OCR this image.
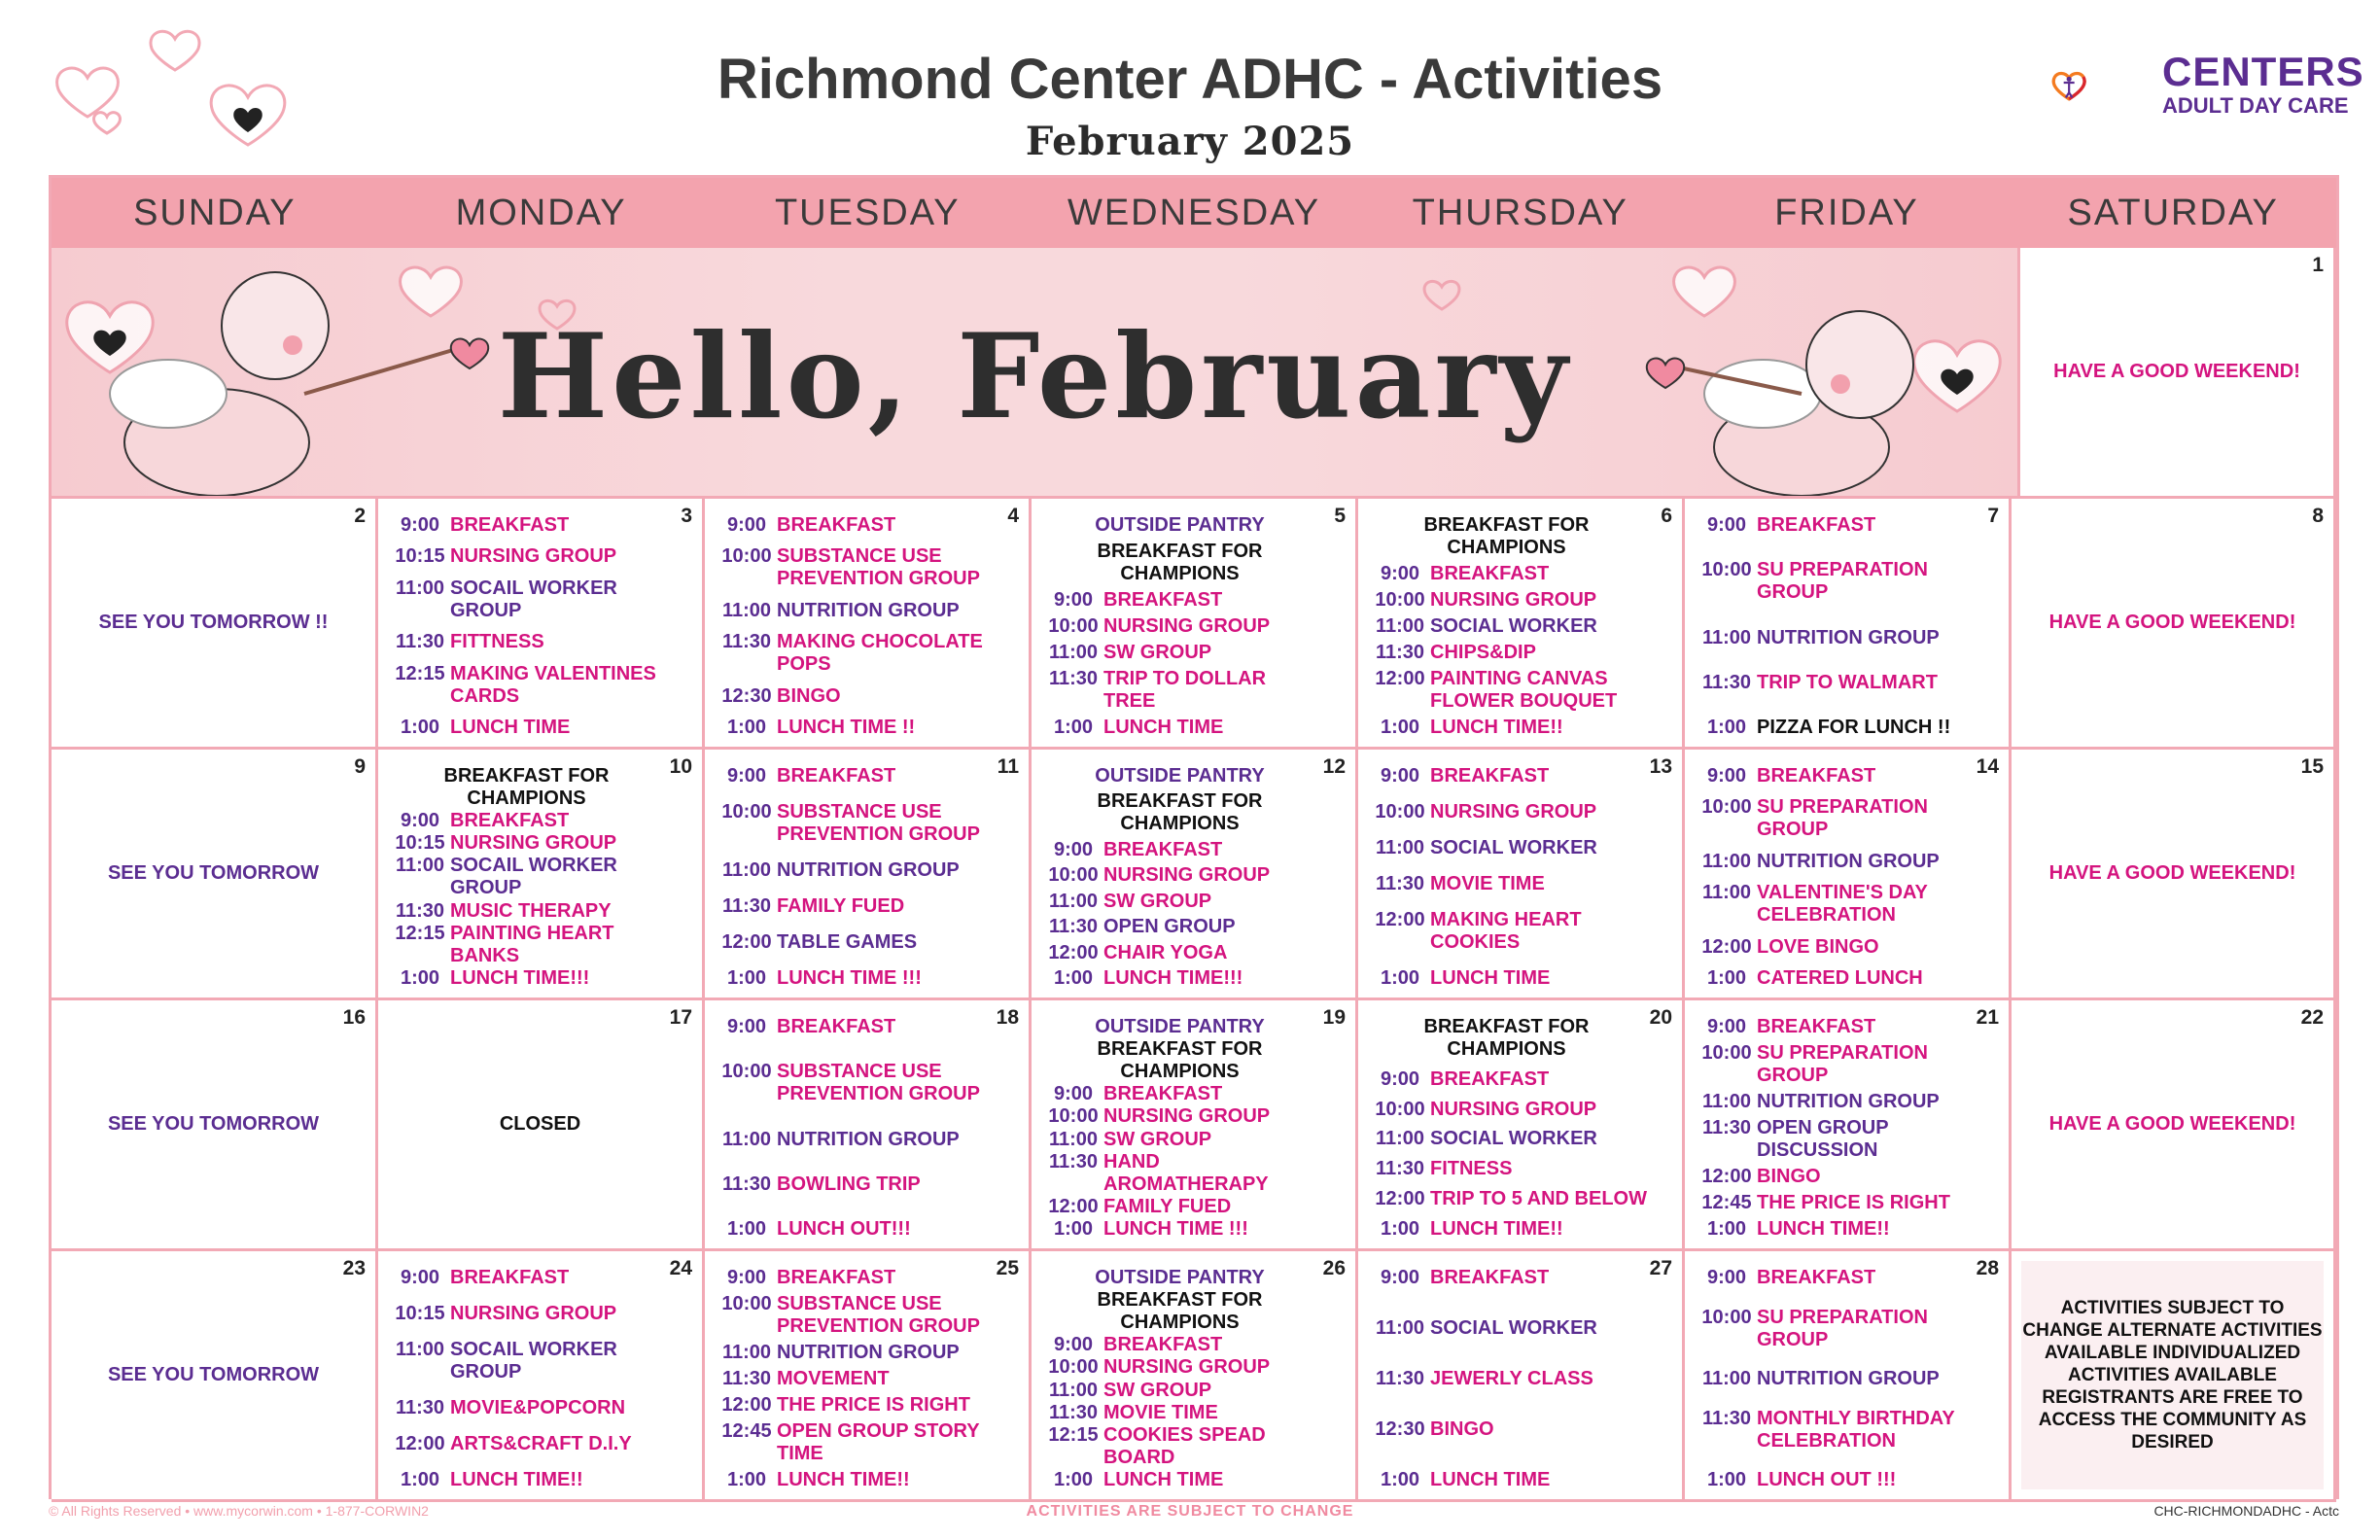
Richmond Center ADHC - Activities
February 2025
CENTERS
ADULT DAY CARE
SUNDAY	MONDAY	TUESDAY	WEDNESDAY	THURSDAY	FRIDAY	SATURDAY
Hello, February
1
HAVE A GOOD WEEKEND!
2
SEE YOU TOMORROW !!
3
9:00 BREAKFAST
10:15 NURSING GROUP
11:00 SOCAIL WORKER GROUP
11:30 FITTNESS
12:15 MAKING VALENTINES CARDS
1:00 LUNCH TIME
4
9:00 BREAKFAST
10:00 SUBSTANCE USE PREVENTION GROUP
11:00 NUTRITION GROUP
11:30 MAKING CHOCOLATE POPS
12:30 BINGO
1:00 LUNCH TIME !!
5
OUTSIDE PANTRY
BREAKFAST FOR CHAMPIONS
9:00 BREAKFAST
10:00 NURSING GROUP
11:00 SW GROUP
11:30 TRIP TO DOLLAR TREE
1:00 LUNCH TIME
6
BREAKFAST FOR CHAMPIONS
9:00 BREAKFAST
10:00 NURSING GROUP
11:00 SOCIAL WORKER
11:30 CHIPS&DIP
12:00 PAINTING CANVAS FLOWER BOUQUET
1:00 LUNCH TIME!!
7
9:00 BREAKFAST
10:00 SU PREPARATION GROUP
11:00 NUTRITION GROUP
11:30 TRIP TO WALMART
1:00 PIZZA FOR LUNCH !!
8
HAVE A GOOD WEEKEND!
9
SEE YOU TOMORROW
10
BREAKFAST FOR CHAMPIONS
9:00 BREAKFAST
10:15 NURSING GROUP
11:00 SOCAIL WORKER GROUP
11:30 MUSIC THERAPY
12:15 PAINTING HEART BANKS
1:00 LUNCH TIME!!!
11
9:00 BREAKFAST
10:00 SUBSTANCE USE PREVENTION GROUP
11:00 NUTRITION GROUP
11:30 FAMILY FUED
12:00 TABLE GAMES
1:00 LUNCH TIME !!!
12
OUTSIDE PANTRY
BREAKFAST FOR CHAMPIONS
9:00 BREAKFAST
10:00 NURSING GROUP
11:00 SW GROUP
11:30 OPEN GROUP
12:00 CHAIR YOGA
1:00 LUNCH TIME!!!
13
9:00 BREAKFAST
10:00 NURSING GROUP
11:00 SOCIAL WORKER
11:30 MOVIE TIME
12:00 MAKING HEART COOKIES
1:00 LUNCH TIME
14
9:00 BREAKFAST
10:00 SU PREPARATION GROUP
11:00 NUTRITION GROUP
11:00 VALENTINE'S DAY CELEBRATION
12:00 LOVE BINGO
1:00 CATERED LUNCH
15
HAVE A GOOD WEEKEND!
16
SEE YOU TOMORROW
17
CLOSED
18
9:00 BREAKFAST
10:00 SUBSTANCE USE PREVENTION GROUP
11:00 NUTRITION GROUP
11:30 BOWLING TRIP
1:00 LUNCH OUT!!!
19
OUTSIDE PANTRY
BREAKFAST FOR CHAMPIONS
9:00 BREAKFAST
10:00 NURSING GROUP
11:00 SW GROUP
11:30 HAND AROMATHERAPY
12:00 FAMILY FUED
1:00 LUNCH TIME !!!
20
BREAKFAST FOR CHAMPIONS
9:00 BREAKFAST
10:00 NURSING GROUP
11:00 SOCIAL WORKER
11:30 FITNESS
12:00 TRIP TO 5 AND BELOW
1:00 LUNCH TIME!!
21
9:00 BREAKFAST
10:00 SU PREPARATION GROUP
11:00 NUTRITION GROUP
11:30 OPEN GROUP DISCUSSION
12:00 BINGO
12:45 THE PRICE IS RIGHT
1:00 LUNCH TIME!!
22
HAVE A GOOD WEEKEND!
23
SEE YOU TOMORROW
24
9:00 BREAKFAST
10:15 NURSING GROUP
11:00 SOCAIL WORKER GROUP
11:30 MOVIE&POPCORN
12:00 ARTS&CRAFT D.I.Y
1:00 LUNCH TIME!!
25
9:00 BREAKFAST
10:00 SUBSTANCE USE PREVENTION GROUP
11:00 NUTRITION GROUP
11:30 MOVEMENT
12:00 THE PRICE IS RIGHT
12:45 OPEN GROUP STORY TIME
1:00 LUNCH TIME!!
26
OUTSIDE PANTRY
BREAKFAST FOR CHAMPIONS
9:00 BREAKFAST
10:00 NURSING GROUP
11:00 SW GROUP
11:30 MOVIE TIME
12:15 COOKIES SPEAD BOARD
1:00 LUNCH TIME
27
9:00 BREAKFAST
11:00 SOCIAL WORKER
11:30 JEWERLY CLASS
12:30 BINGO
1:00 LUNCH TIME
28
9:00 BREAKFAST
10:00 SU PREPARATION GROUP
11:00 NUTRITION GROUP
11:30 MONTHLY BIRTHDAY CELEBRATION
1:00 LUNCH OUT !!!
ACTIVITIES SUBJECT TO CHANGE ALTERNATE ACTIVITIES AVAILABLE INDIVIDUALIZED ACTIVITIES AVAILABLE REGISTRANTS ARE FREE TO ACCESS THE COMMUNITY AS DESIRED
© All Rights Reserved • www.mycorwin.com • 1-877-CORWIN2	ACTIVITIES ARE SUBJECT TO CHANGE	CHC-RICHMONDADHC - Actc
